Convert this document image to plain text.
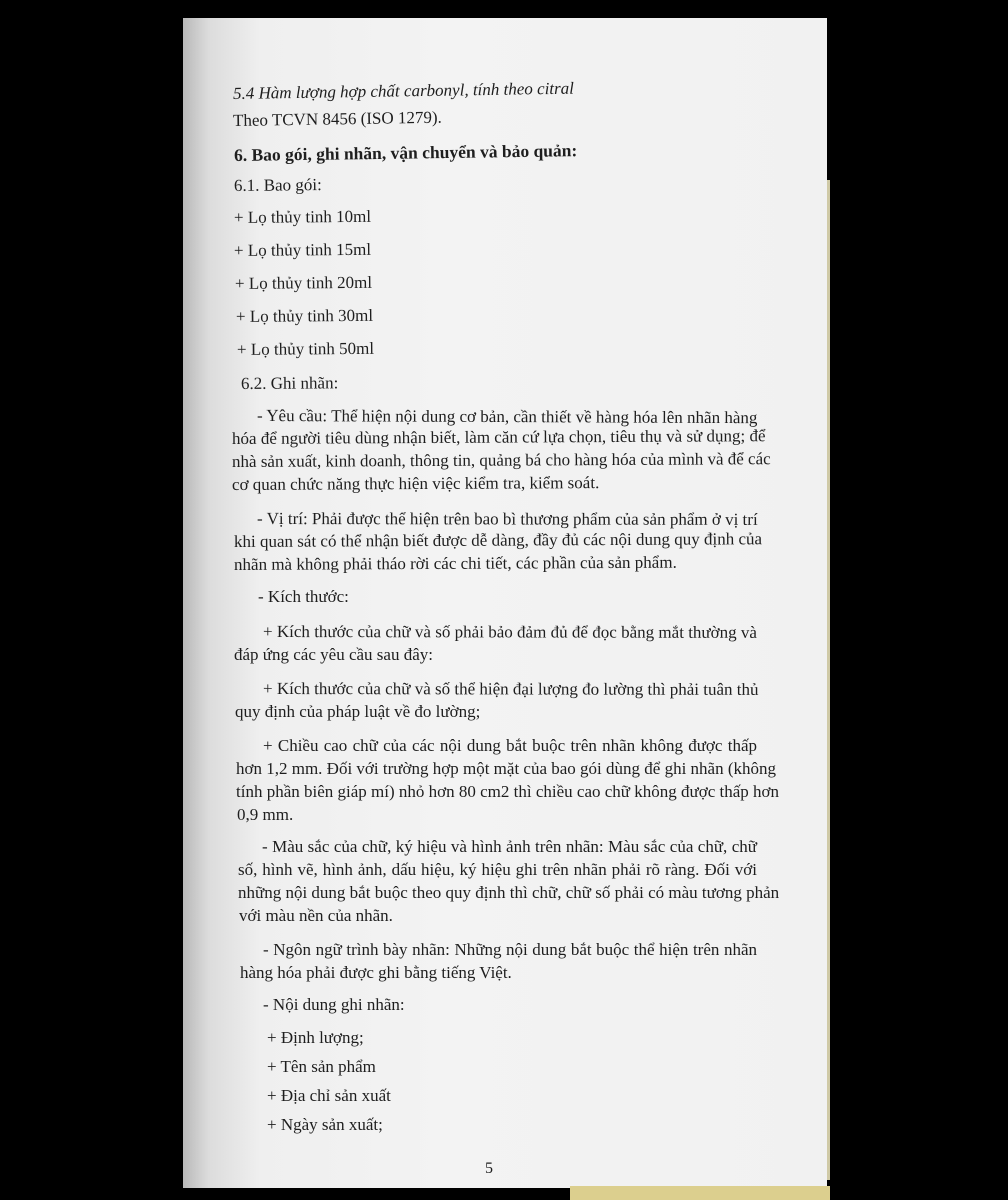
5.4 Hàm lượng hợp chất carbonyl, tính theo citral
Theo TCVN 8456 (ISO 1279).
6. Bao gói, ghi nhãn, vận chuyển và bảo quản:
6.1. Bao gói:
+ Lọ thủy tinh 10ml
+ Lọ thủy tinh 15ml
+ Lọ thủy tinh 20ml
+ Lọ thủy tinh 30ml
+ Lọ thủy tinh 50ml
6.2. Ghi nhãn:
- Yêu cầu: Thể hiện nội dung cơ bản, cần thiết về hàng hóa lên nhãn hàng
hóa để người tiêu dùng nhận biết, làm căn cứ lựa chọn, tiêu thụ và sử dụng; để
nhà sản xuất, kinh doanh, thông tin, quảng bá cho hàng hóa của mình và để các
cơ quan chức năng thực hiện việc kiểm tra, kiểm soát.
- Vị trí: Phải được thể hiện trên bao bì thương phẩm của sản phẩm ở vị trí
khi quan sát có thể nhận biết được dễ dàng, đầy đủ các nội dung quy định của
nhãn mà không phải tháo rời các chi tiết, các phần của sản phẩm.
- Kích thước:
+ Kích thước của chữ và số phải bảo đảm đủ để đọc bằng mắt thường và
đáp ứng các yêu cầu sau đây:
+ Kích thước của chữ và số thể hiện đại lượng đo lường thì phải tuân thủ
quy định của pháp luật về đo lường;
+ Chiều cao chữ của các nội dung bắt buộc trên nhãn không được thấp
hơn 1,2 mm. Đối với trường hợp một mặt của bao gói dùng để ghi nhãn (không
tính phần biên giáp mí) nhỏ hơn 80 cm2 thì chiều cao chữ không được thấp hơn
0,9 mm.
- Màu sắc của chữ, ký hiệu và hình ảnh trên nhãn: Màu sắc của chữ, chữ
số, hình vẽ, hình ảnh, dấu hiệu, ký hiệu ghi trên nhãn phải rõ ràng. Đối với
những nội dung bắt buộc theo quy định thì chữ, chữ số phải có màu tương phản
với màu nền của nhãn.
- Ngôn ngữ trình bày nhãn: Những nội dung bắt buộc thể hiện trên nhãn
hàng hóa phải được ghi bằng tiếng Việt.
- Nội dung ghi nhãn:
+ Định lượng;
+ Tên sản phẩm
+ Địa chỉ sản xuất
+ Ngày sản xuất;
5
